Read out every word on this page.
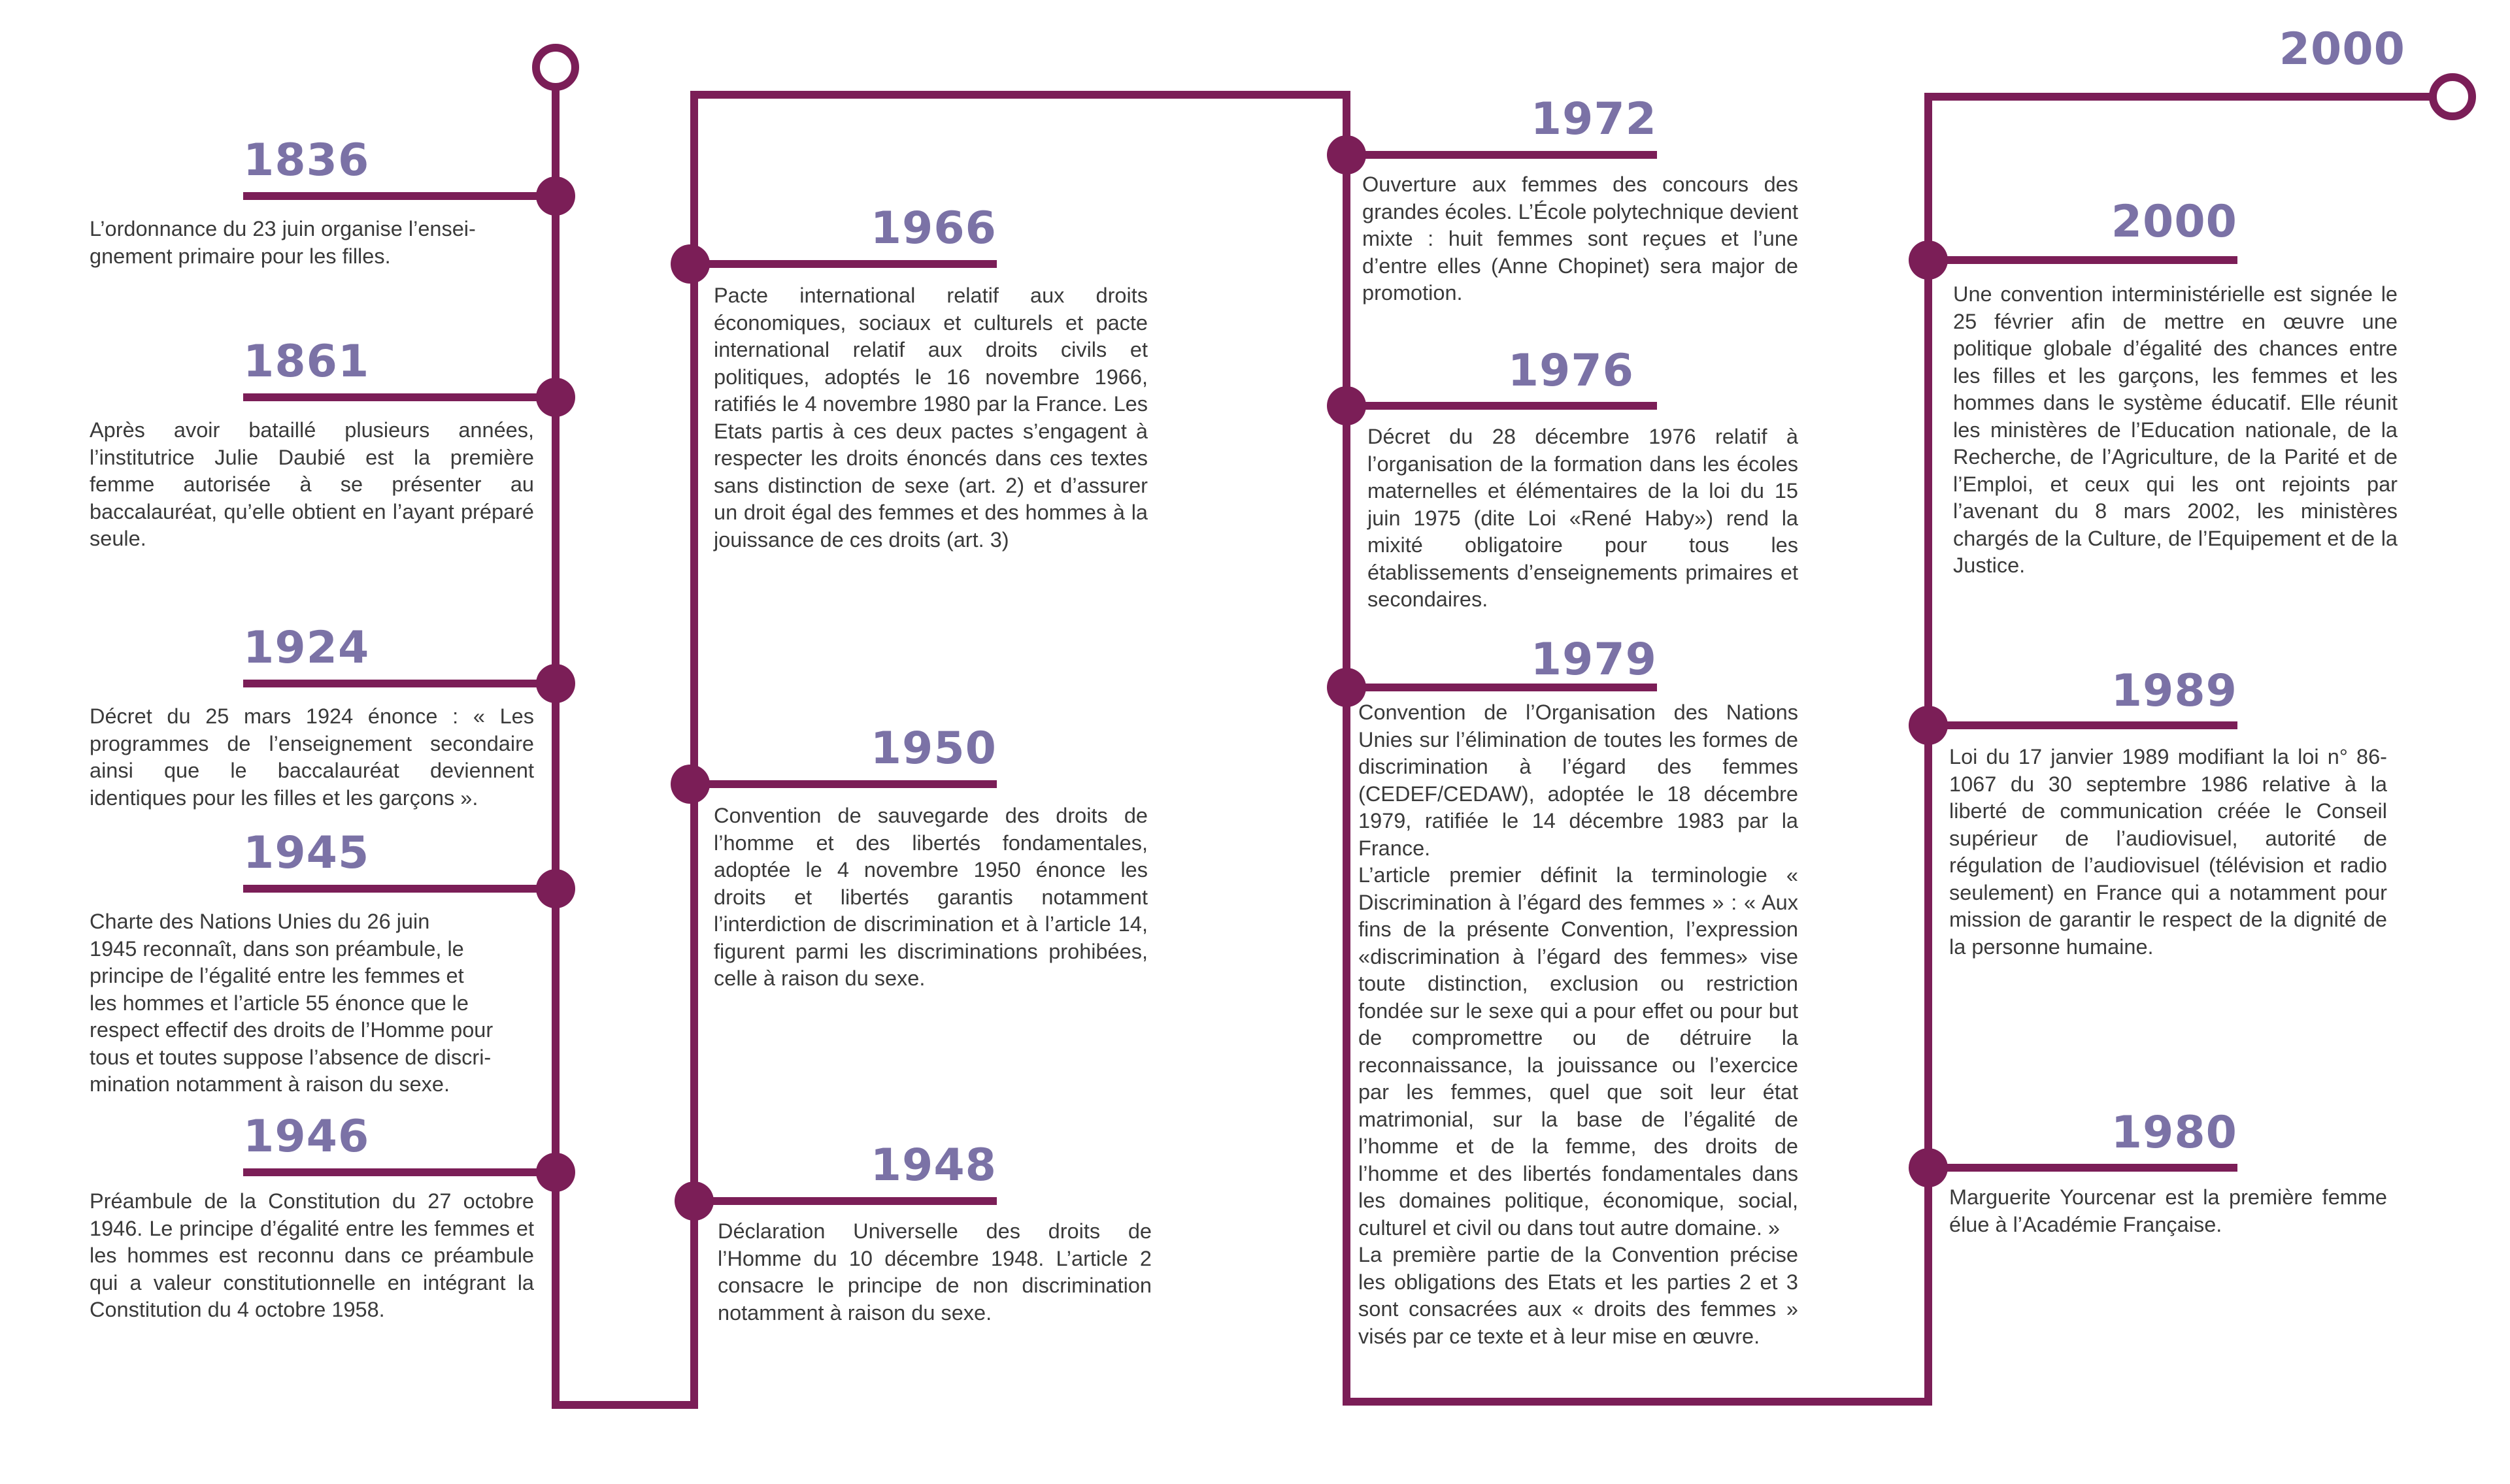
2000
1836

L’ordonnance du 23 juin organise l’ensei-
gnement primaire pour les filles.

1861

Après avoir bataillé plusieurs années, l’institutrice Julie Daubié est la première femme autorisée à se présenter au baccalauréat, qu’elle obtient en l’ayant préparé seule.

1924

Décret du 25 mars 1924 énonce : « Les programmes de l’enseignement secondaire ainsi que le baccalauréat deviennent identiques pour les filles et les garçons ».

1945

Charte des Nations Unies du 26 juin
1945 reconnaît, dans son préambule, le
principe de l’égalité entre les femmes et
les hommes et l’article 55 énonce que le
respect effectif des droits de l’Homme pour
tous et toutes suppose l’absence de discri-
mination notamment à raison du sexe.

1946

Préambule de la Constitution du 27 octobre 1946. Le principe d’égalité entre les femmes et les hommes est reconnu dans ce préambule qui a valeur constitutionnelle en intégrant la Constitution du 4 octobre 1958.

1966

Pacte international relatif aux droits économiques, sociaux et culturels et pacte international relatif aux droits civils et politiques, adoptés le 16 novembre 1966, ratifiés le 4 novembre 1980 par la France. Les Etats partis à ces deux pactes s’engagent à respecter les droits énoncés dans ces textes sans distinction de sexe (art. 2) et d’assurer un droit égal des femmes et des hommes à la jouissance de ces droits (art. 3)

1950

Convention de sauvegarde des droits de l’homme et des libertés fondamentales, adoptée le 4 novembre 1950 énonce les droits et libertés garantis notamment l’interdiction de discrimination et à l’article 14, figurent parmi les discriminations prohibées, celle à raison du sexe.

1948

Déclaration Universelle des droits de l’Homme du 10 décembre 1948. L’article 2 consacre le principe de non discrimination notamment à raison du sexe.

1972

Ouverture aux femmes des concours des grandes écoles. L’École polytechnique devient mixte : huit femmes sont reçues et l’une d’entre elles (Anne Chopinet) sera major de promotion.

1976

Décret du 28 décembre 1976 relatif à l’organisation de la formation dans les écoles maternelles et élémentaires de la loi du 15 juin 1975 (dite Loi «René Haby») rend la mixité obligatoire pour tous les établissements d’enseignements primaires et secondaires.

1979

Convention de l’Organisation des Nations Unies sur l’élimination de toutes les formes de discrimination à l’égard des femmes (CEDEF/CEDAW), adoptée le 18 décembre 1979, ratifiée le 14 décembre 1983 par la France.
L’article premier définit la terminologie « Discrimination à l’égard des femmes » : « Aux fins de la présente Convention, l’expression «discrimination à l’égard des femmes» vise toute distinction, exclusion ou restriction fondée sur le sexe qui a pour effet ou pour but de compromettre ou de détruire la reconnaissance, la jouissance ou l’exercice par les femmes, quel que soit leur état matrimonial, sur la base de l’égalité de l’homme et de la femme, des droits de l’homme et des libertés fondamentales dans les domaines politique, économique, social, culturel et civil ou dans tout autre domaine. »
La première partie de la Convention précise les obligations des Etats et les parties 2 et 3 sont consacrées aux « droits des femmes » visés par ce texte et à leur mise en œuvre.

2000

Une convention interministérielle est signée le 25 février afin de mettre en œuvre une politique globale d’égalité des chances entre les filles et les garçons, les femmes et les hommes dans le système éducatif. Elle réunit les ministères de l’Education nationale, de la Recherche, de l’Agriculture, de la Parité et de l’Emploi, et ceux qui les ont rejoints par l’avenant du 8 mars 2002, les ministères chargés de la Culture, de l’Equipement et de la Justice.

1989

Loi du 17 janvier 1989 modifiant la loi n° 86-1067 du 30 septembre 1986 relative à la liberté de communication créée le Conseil supérieur de l’audiovisuel, autorité de régulation de l’audiovisuel (télévision et radio seulement) en France qui a notamment pour mission de garantir le respect de la dignité de la personne humaine.

1980

Marguerite Yourcenar est la première femme élue à l’Académie Française.
